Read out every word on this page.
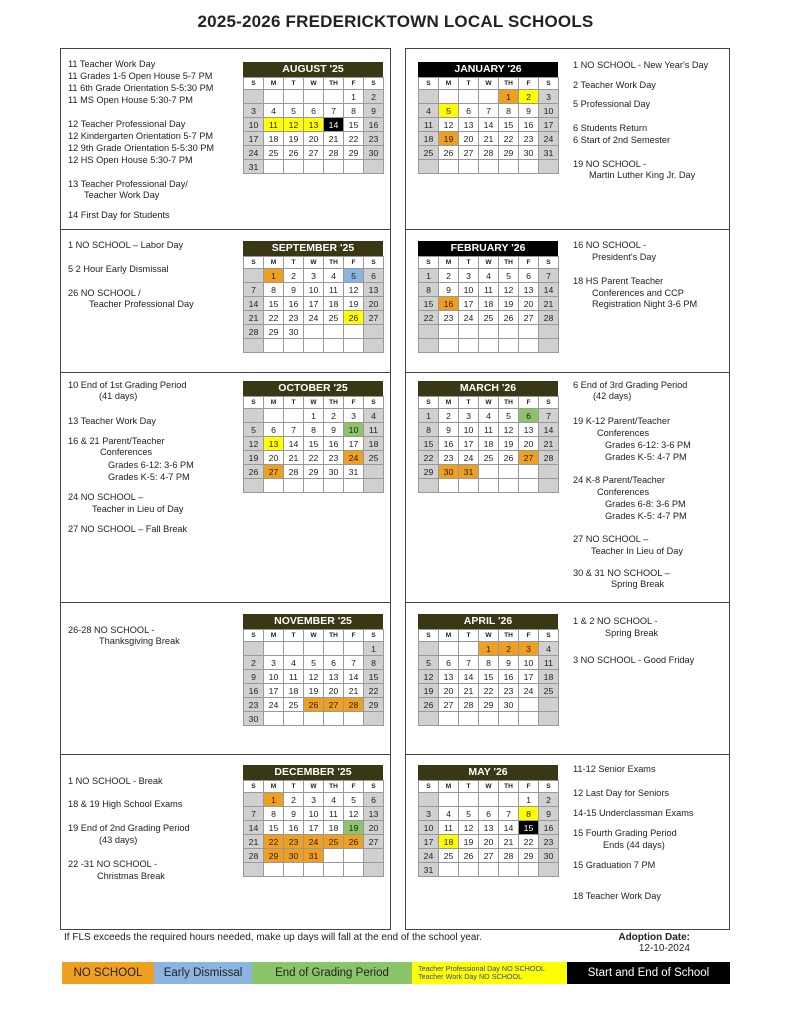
2025-2026 FREDERICKTOWN LOCAL SCHOOLS
AUGUST '25
S	M	T	W	TH	F	S
					1	2
3	4	5	6	7	8	9
10	11	12	13	14	15	16
17	18	19	20	21	22	23
24	25	26	27	28	29	30
31						
SEPTEMBER '25
S	M	T	W	TH	F	S
	1	2	3	4	5	6
7	8	9	10	11	12	13
14	15	16	17	18	19	20
21	22	23	24	25	26	27
28	29	30				

OCTOBER '25
S	M	T	W	TH	F	S
			1	2	3	4
5	6	7	8	9	10	11
12	13	14	15	16	17	18
19	20	21	22	23	24	25
26	27	28	29	30	31	

NOVEMBER '25
S	M	T	W	TH	F	S
						1
2	3	4	5	6	7	8
9	10	11	12	13	14	15
16	17	18	19	20	21	22
23	24	25	26	27	28	29
30						
DECEMBER '25
S	M	T	W	TH	F	S
	1	2	3	4	5	6
7	8	9	10	11	12	13
14	15	16	17	18	19	20
21	22	23	24	25	26	27
28	29	30	31			

JANUARY '26
S	M	T	W	TH	F	S
				1	2	3
4	5	6	7	8	9	10
11	12	13	14	15	16	17
18	19	20	21	22	23	24
25	26	27	28	29	30	31

FEBRUARY '26
S	M	T	W	TH	F	S
1	2	3	4	5	6	7
8	9	10	11	12	13	14
15	16	17	18	19	20	21
22	23	24	25	26	27	28

MARCH '26
S	M	T	W	TH	F	S
1	2	3	4	5	6	7
8	9	10	11	12	13	14
15	16	17	18	19	20	21
22	23	24	25	26	27	28
29	30	31				

APRIL '26
S	M	T	W	TH	F	S
			1	2	3	4
5	6	7	8	9	10	11
12	13	14	15	16	17	18
19	20	21	22	23	24	25
26	27	28	29	30		

MAY '26
S	M	T	W	TH	F	S
					1	2
3	4	5	6	7	8	9
10	11	12	13	14	15	16
17	18	19	20	21	22	23
24	25	26	27	28	29	30
31						
11 Teacher Work Day
11 Grades 1-5 Open House 5-7 PM
11 6th Grade Orientation 5-5:30 PM
11 MS Open House 5:30-7 PM
12 Teacher Professional Day
12 Kindergarten Orientation 5-7 PM
12 9th Grade Orientation 5-5:30 PM
12 HS Open House 5:30-7 PM
13 Teacher Professional Day/
Teacher Work Day
14 First Day for Students
1 NO SCHOOL – Labor Day
5 2 Hour Early Dismissal
26 NO SCHOOL /
Teacher Professional Day
10 End of 1st Grading Period
(41 days)
13 Teacher Work Day
16 & 21 Parent/Teacher
Conferences
Grades 6-12: 3-6 PM
Grades K-5: 4-7 PM
24 NO SCHOOL –
Teacher in Lieu of Day
27 NO SCHOOL – Fall Break
26-28 NO SCHOOL -
Thanksgiving Break
1 NO SCHOOL - Break
18 & 19 High School Exams
19 End of 2nd Grading Period
(43 days)
22 -31 NO SCHOOL -
Christmas Break
1 NO SCHOOL - New Year's Day
2 Teacher Work Day
5 Professional Day
6 Students Return
6 Start of 2nd Semester
19 NO SCHOOL -
Martin Luther King Jr. Day
16 NO SCHOOL -
President's Day
18 HS Parent Teacher
Conferences and CCP
Registration Night 3-6 PM
6 End of 3rd Grading Period
(42 days)
19 K-12 Parent/Teacher
Conferences
Grades 6-12: 3-6 PM
Grades K-5: 4-7 PM
24 K-8 Parent/Teacher
Conferences
Grades 6-8: 3-6 PM
Grades K-5: 4-7 PM
27 NO SCHOOL –
Teacher In Lieu of Day
30 & 31 NO SCHOOL –
Spring Break
1 & 2 NO SCHOOL -
Spring Break
3 NO SCHOOL - Good Friday
11-12 Senior Exams
12 Last Day for Seniors
14-15 Underclassman Exams
15 Fourth Grading Period
Ends (44 days)
15 Graduation 7 PM
18 Teacher Work Day
If FLS exceeds the required hours needed, make up days will fall at the end of the school year.	Adoption Date:
12-10-2024
NO SCHOOL	Early Dismissal	End of Grading Period	Teacher Professional Day NO SCHOOL
Teacher Work Day NO SCHOOL	Start and End of School
